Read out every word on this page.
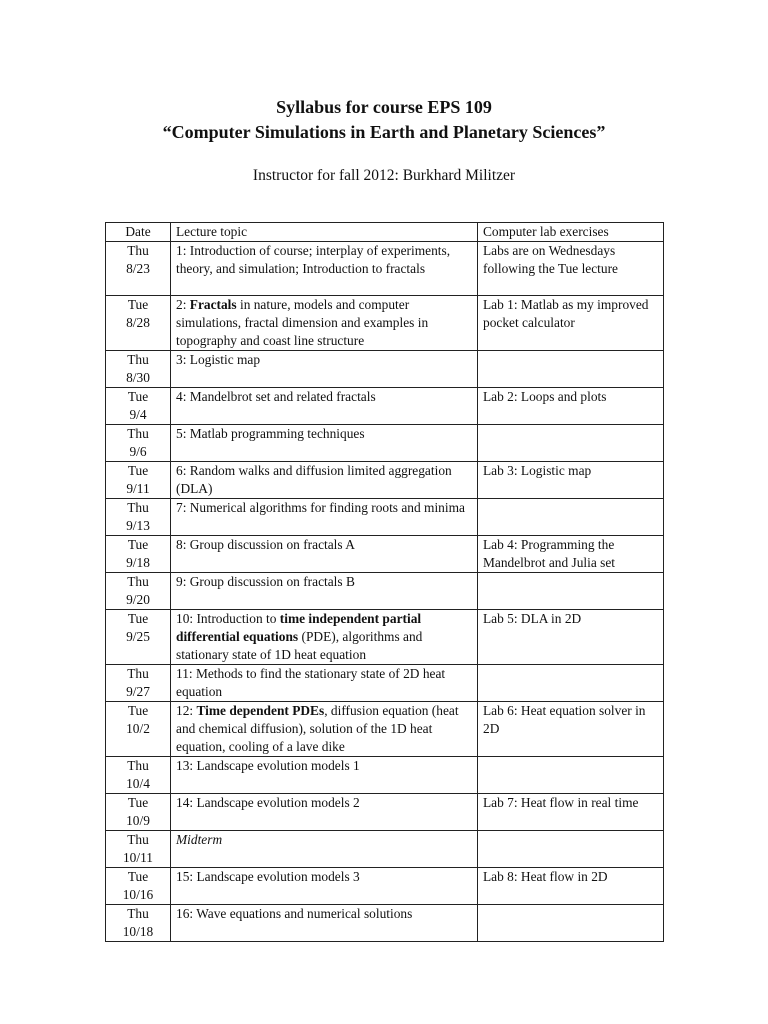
Syllabus for course EPS 109
“Computer Simulations in Earth and Planetary Sciences”
Instructor for fall 2012: Burkhard Militzer
Date	Lecture topic	Computer lab exercises

Thu
8/23	1: Introduction of course; interplay of experiments, theory, and simulation; Introduction to fractals	Labs are on Wednesdays following the Tue lecture

Tue
8/28	2: Fractals in nature, models and computer simulations, fractal dimension and examples in topography and coast line structure	Lab 1: Matlab as my improved pocket calculator

Thu
8/30	3: Logistic map	

Tue
9/4	4: Mandelbrot set and related fractals	Lab 2: Loops and plots

Thu
9/6	5: Matlab programming techniques	

Tue
9/11	6: Random walks and diffusion limited aggregation (DLA)	Lab 3: Logistic map

Thu
9/13	7: Numerical algorithms for finding roots and minima	

Tue
9/18	8: Group discussion on fractals A	Lab 4: Programming the Mandelbrot and Julia set

Thu
9/20	9: Group discussion on fractals B	

Tue
9/25	10: Introduction to time independent partial differential equations (PDE), algorithms and stationary state of 1D heat equation	Lab 5: DLA in 2D

Thu
9/27	11: Methods to find the stationary state of 2D heat equation	

Tue
10/2	12: Time dependent PDEs, diffusion equation (heat and chemical diffusion), solution of the 1D heat equation, cooling of a lave dike	Lab 6: Heat equation solver in 2D

Thu
10/4	13: Landscape evolution models 1	

Tue
10/9	14: Landscape evolution models 2	Lab 7: Heat flow in real time

Thu
10/11	Midterm	

Tue
10/16	15: Landscape evolution models 3	Lab 8: Heat flow in 2D

Thu
10/18	16: Wave equations and numerical solutions	
